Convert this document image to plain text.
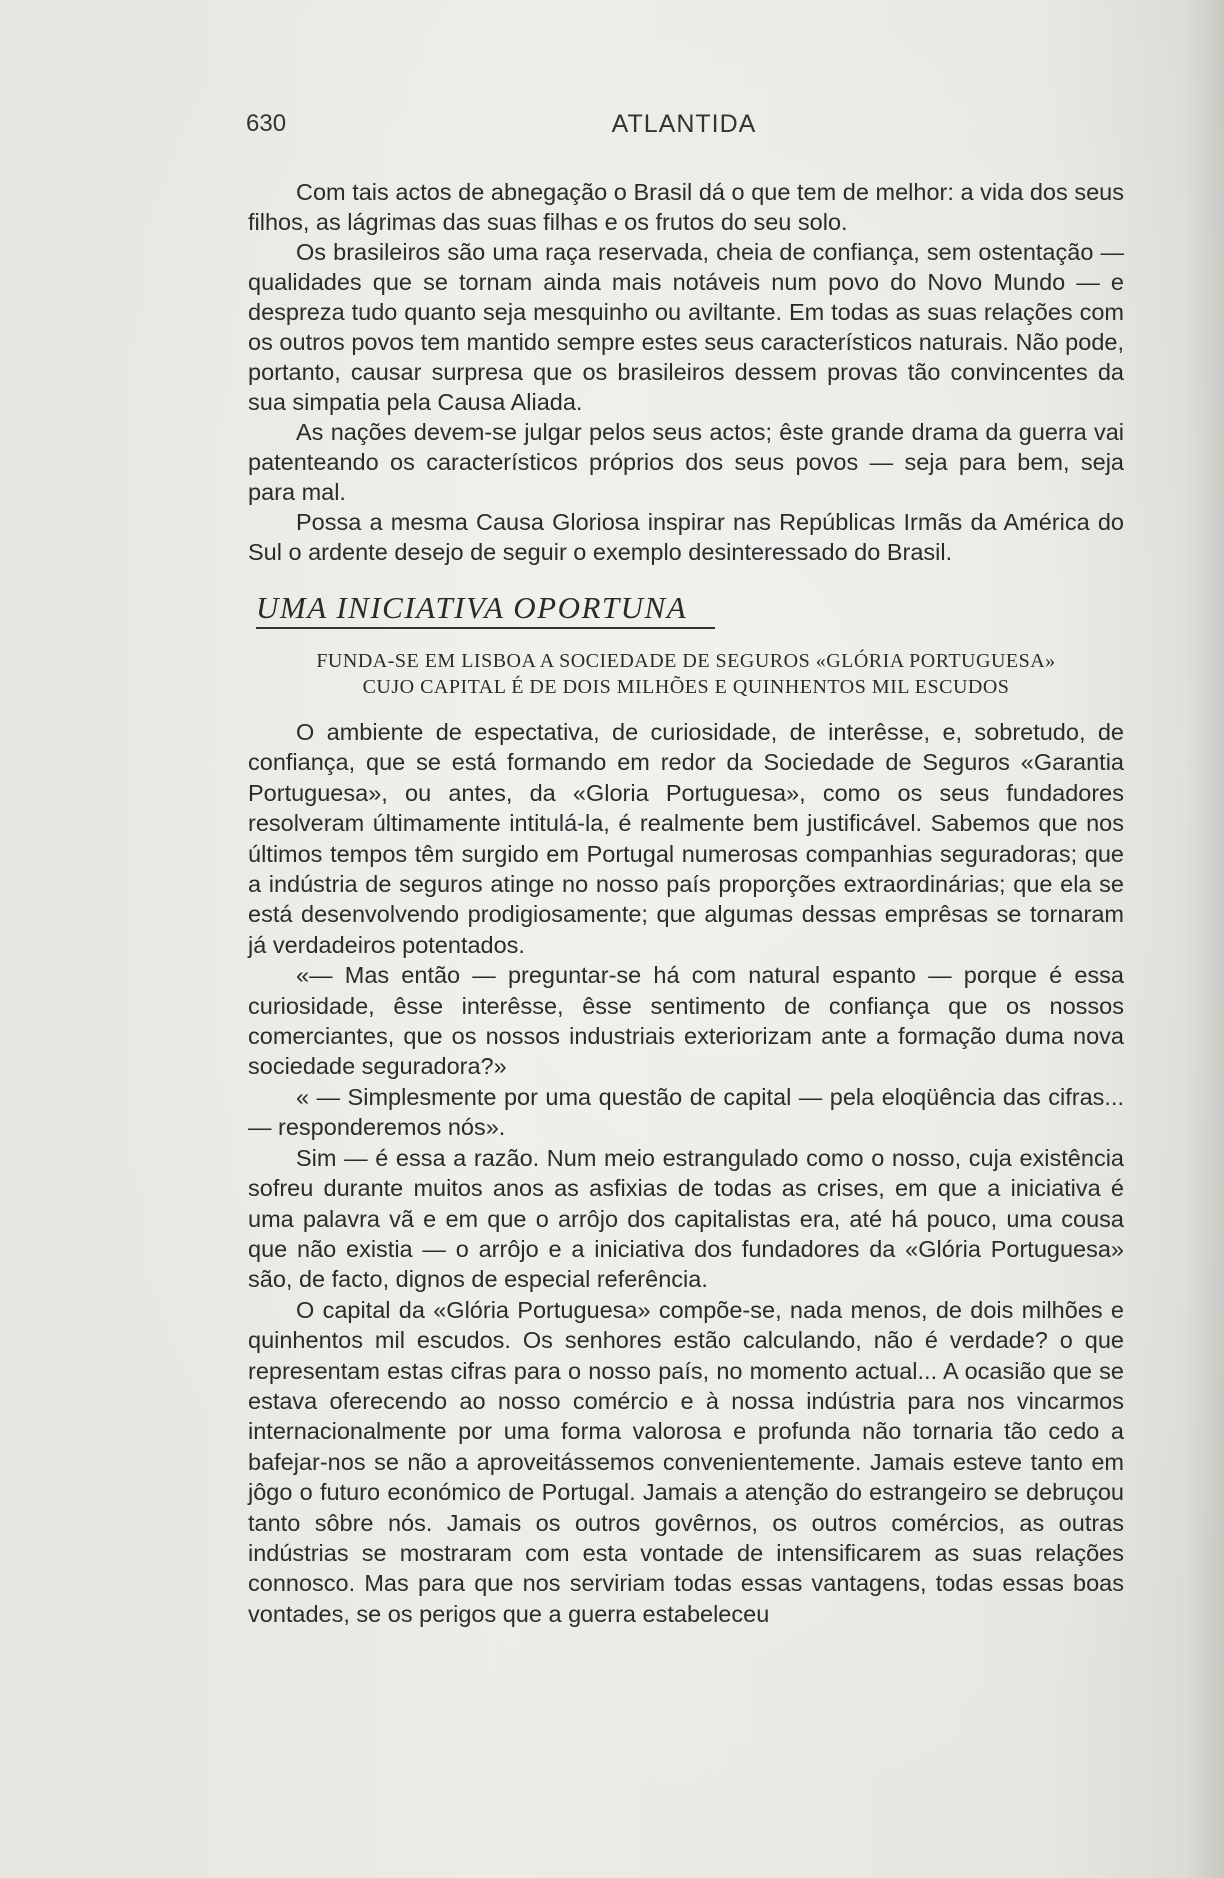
630	ATLANTIDA

Com tais actos de abnegação o Brasil dá o que tem de melhor: a vida dos seus filhos, as lágrimas das suas filhas e os frutos do seu solo.

Os brasileiros são uma raça reservada, cheia de confiança, sem ostentação — qualidades que se tornam ainda mais notáveis num povo do Novo Mundo — e despreza tudo quanto seja mesquinho ou aviltante. Em todas as suas relações com os outros povos tem mantido sempre estes seus característicos naturais. Não pode, portanto, causar surpresa que os brasileiros dessem provas tão convincentes da sua simpatia pela Causa Aliada.

As nações devem-se julgar pelos seus actos; êste grande drama da guerra vai patenteando os característicos próprios dos seus povos — seja para bem, seja para mal.

Possa a mesma Causa Gloriosa inspirar nas Repúblicas Irmãs da América do Sul o ardente desejo de seguir o exemplo desinteressado do Brasil.

UMA INICIATIVA OPORTUNA
FUNDA-SE EM LISBOA A SOCIEDADE DE SEGUROS «GLÓRIA PORTUGUESA»
CUJO CAPITAL É DE DOIS MILHÕES E QUINHENTOS MIL ESCUDOS

O ambiente de espectativa, de curiosidade, de interêsse, e, sobretudo, de confiança, que se está formando em redor da Sociedade de Seguros «Garantia Portuguesa», ou antes, da «Gloria Portuguesa», como os seus fundadores resolveram últimamente intitulá-la, é realmente bem justificável. Sabemos que nos últimos tempos têm surgido em Portugal numerosas companhias seguradoras; que a indústria de seguros atinge no nosso país proporções extraordinárias; que ela se está desenvolvendo prodigiosamente; que algumas dessas emprêsas se tornaram já verdadeiros potentados.

«— Mas então — preguntar-se há com natural espanto — porque é essa curiosidade, êsse interêsse, êsse sentimento de confiança que os nossos comerciantes, que os nossos industriais exteriorizam ante a formação duma nova sociedade seguradora?»

« — Simplesmente por uma questão de capital — pela eloqüência das cifras... — responderemos nós».

Sim — é essa a razão. Num meio estrangulado como o nosso, cuja existência sofreu durante muitos anos as asfixias de todas as crises, em que a iniciativa é uma palavra vã e em que o arrôjo dos capitalistas era, até há pouco, uma cousa que não existia — o arrôjo e a iniciativa dos fundadores da «Glória Portuguesa» são, de facto, dignos de especial referência.

O capital da «Glória Portuguesa» compõe-se, nada menos, de dois milhões e quinhentos mil escudos. Os senhores estão calculando, não é verdade? o que representam estas cifras para o nosso país, no momento actual... A ocasião que se estava oferecendo ao nosso comércio e à nossa indústria para nos vincarmos internacionalmente por uma forma valorosa e profunda não tornaria tão cedo a bafejar-nos se não a aproveitássemos convenientemente. Jamais esteve tanto em jôgo o futuro económico de Portugal. Jamais a atenção do estrangeiro se debruçou tanto sôbre nós. Jamais os outros govêrnos, os outros comércios, as outras indústrias se mostraram com esta vontade de intensificarem as suas relações connosco. Mas para que nos serviriam todas essas vantagens, todas essas boas vontades, se os perigos que a guerra estabeleceu
